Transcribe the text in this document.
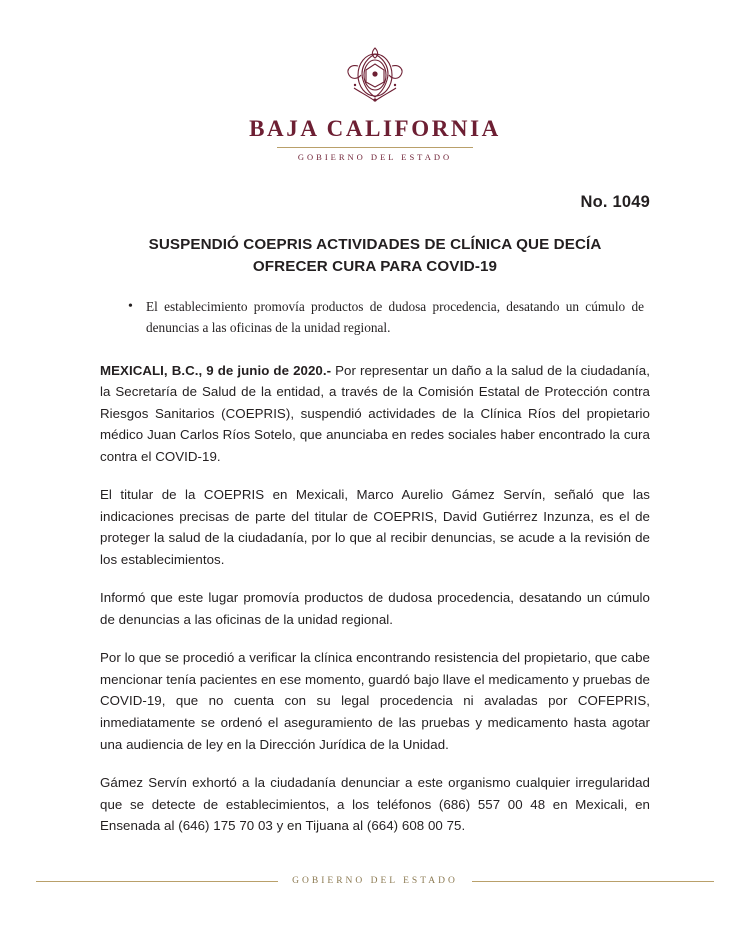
BAJA CALIFORNIA

GOBIERNO DEL ESTADO

No. 1049
SUSPENDIÓ COEPRIS ACTIVIDADES DE CLÍNICA QUE DECÍA
OFRECER CURA PARA COVID-19
• El establecimiento promovía productos de dudosa procedencia, desatando un cúmulo de denuncias a las oficinas de la unidad regional.

MEXICALI, B.C., 9 de junio de 2020.- Por representar un daño a la salud de la ciudadanía, la Secretaría de Salud de la entidad, a través de la Comisión Estatal de Protección contra Riesgos Sanitarios (COEPRIS), suspendió actividades de la Clínica Ríos del propietario médico Juan Carlos Ríos Sotelo, que anunciaba en redes sociales haber encontrado la cura contra el COVID-19.

El titular de la COEPRIS en Mexicali, Marco Aurelio Gámez Servín, señaló que las indicaciones precisas de parte del titular de COEPRIS, David Gutiérrez Inzunza, es el de proteger la salud de la ciudadanía, por lo que al recibir denuncias, se acude a la revisión de los establecimientos.

Informó que este lugar promovía productos de dudosa procedencia, desatando un cúmulo de denuncias a las oficinas de la unidad regional.

Por lo que se procedió a verificar la clínica encontrando resistencia del propietario, que cabe mencionar tenía pacientes en ese momento, guardó bajo llave el medicamento y pruebas de COVID-19, que no cuenta con su legal procedencia ni avaladas por COFEPRIS, inmediatamente se ordenó el aseguramiento de las pruebas y medicamento hasta agotar una audiencia de ley en la Dirección Jurídica de la Unidad.

Gámez Servín exhortó a la ciudadanía denunciar a este organismo cualquier irregularidad que se detecte de establecimientos, a los teléfonos (686) 557 00 48 en Mexicali, en Ensenada al (646) 175 70 03 y en Tijuana al (664) 608 00 75.

GOBIERNO DEL ESTADO
